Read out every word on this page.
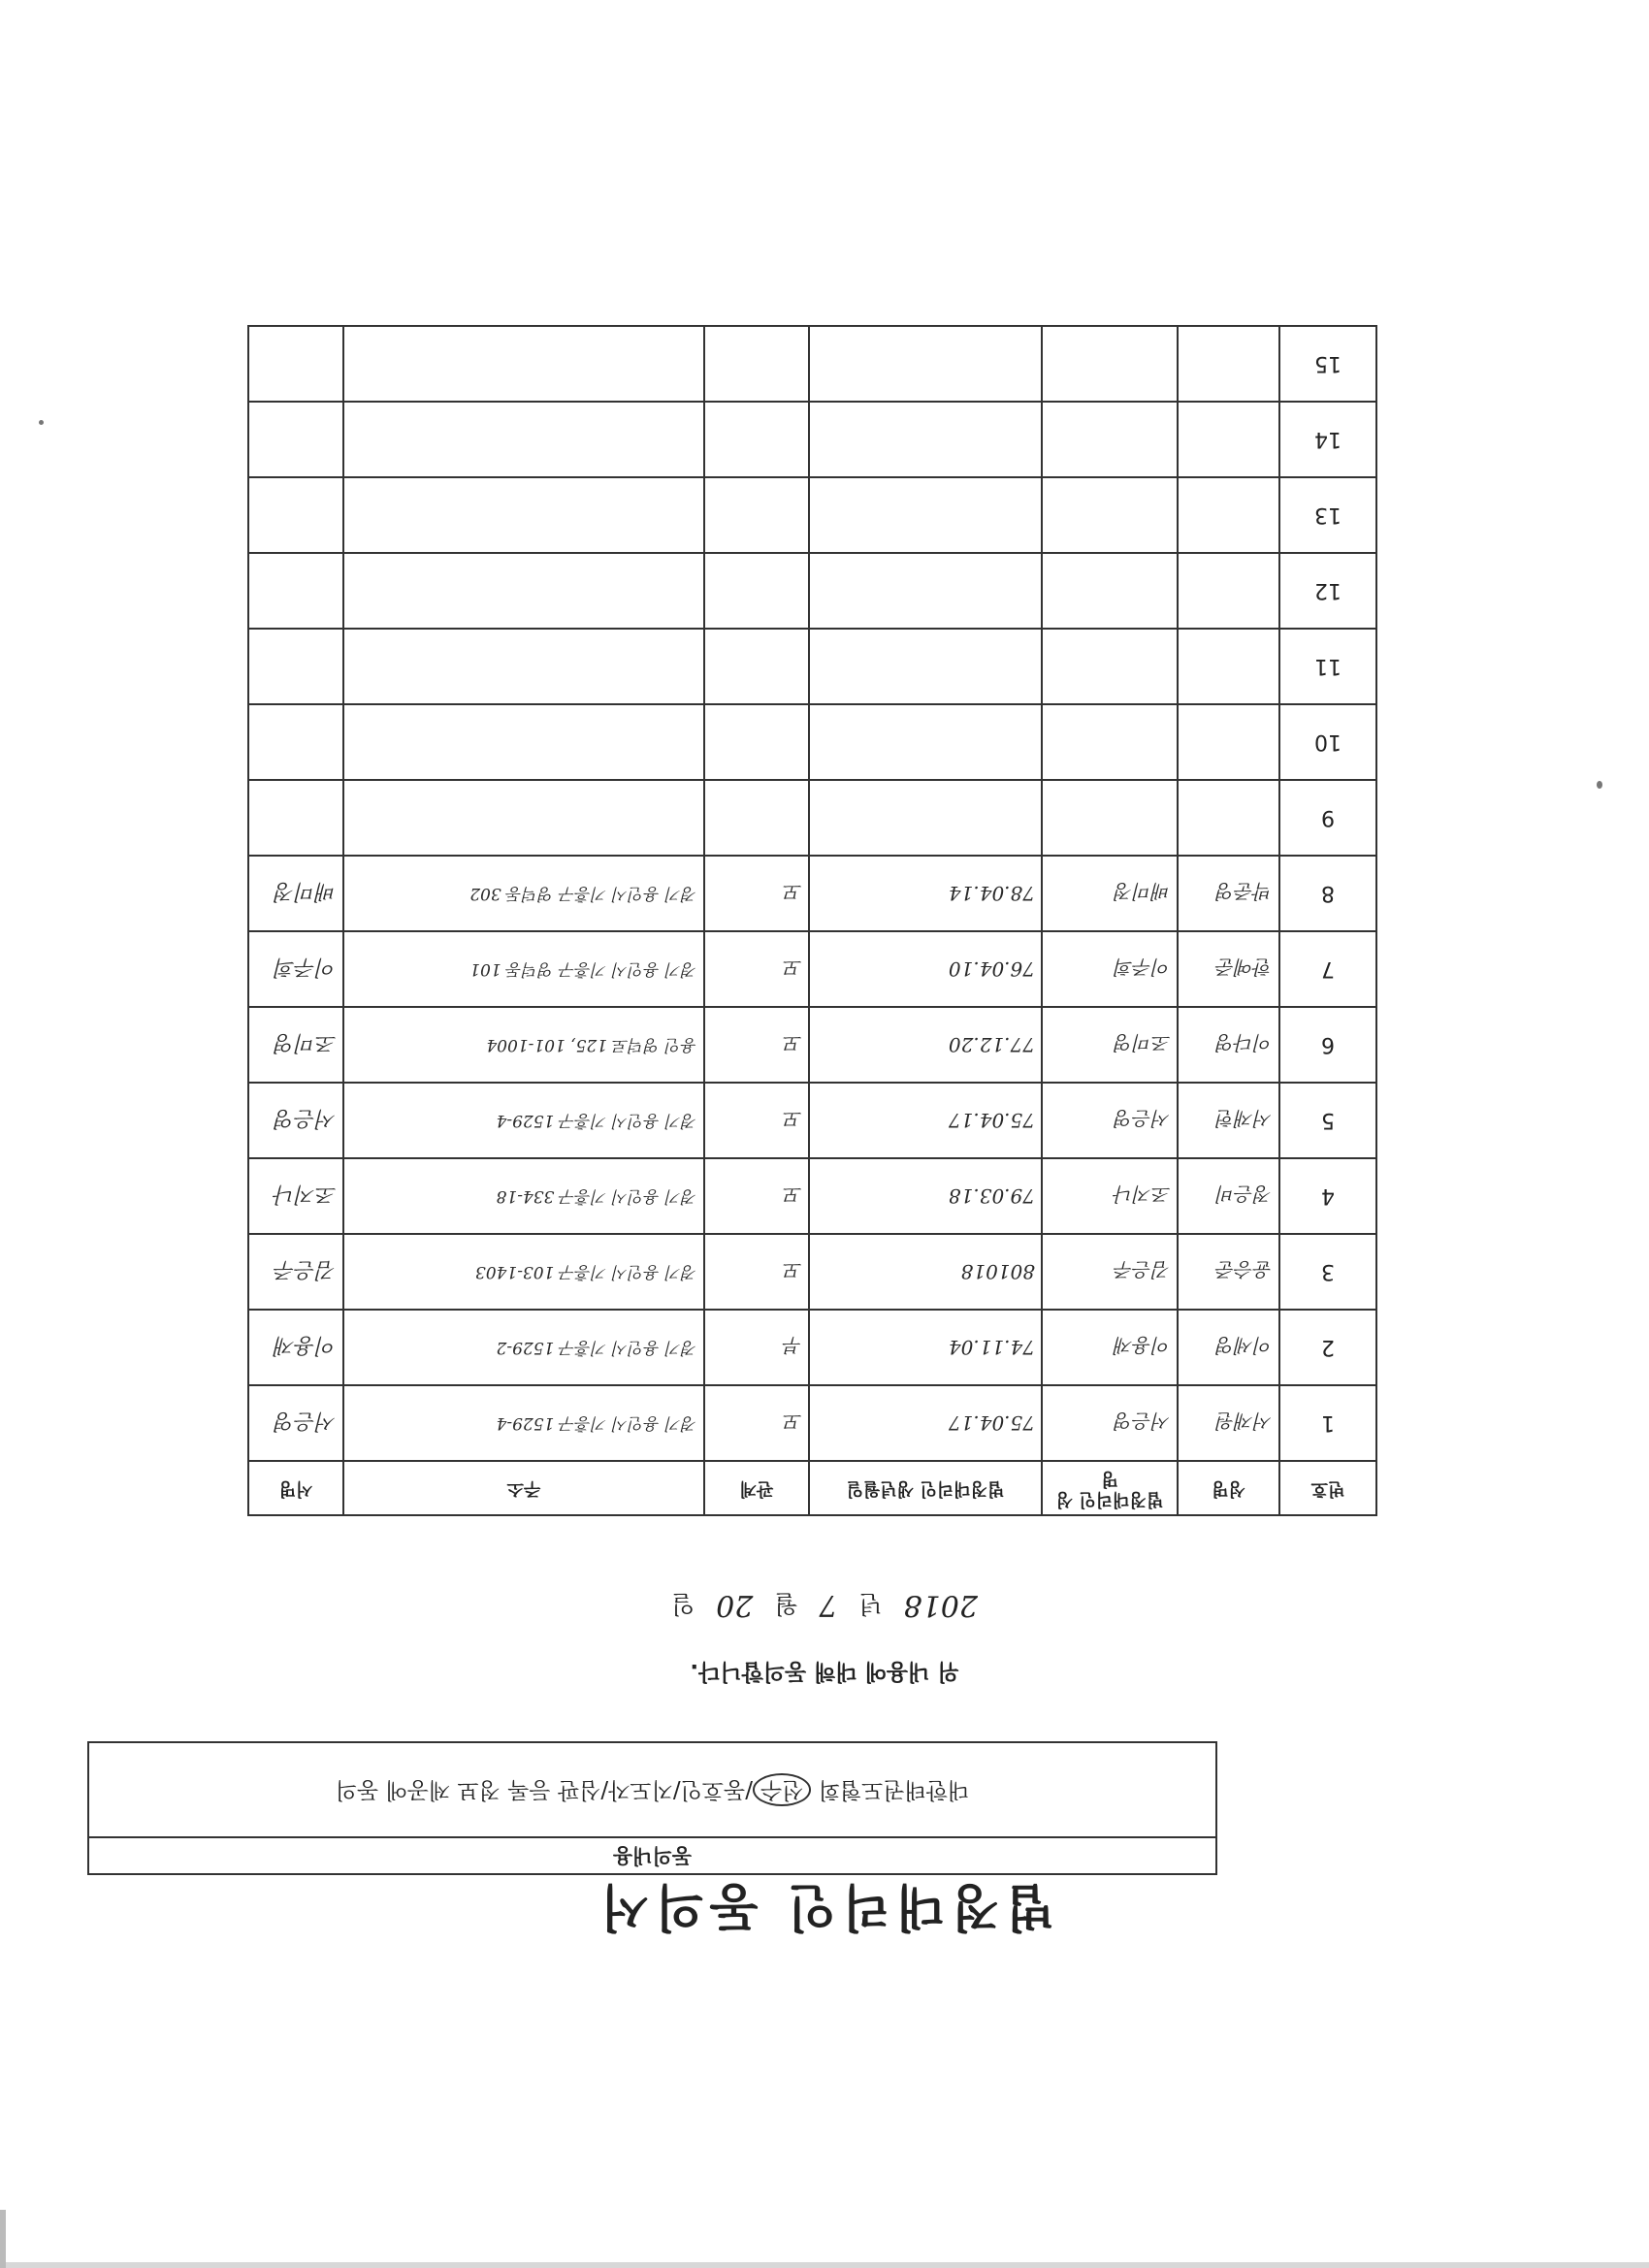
법정대리인 동의서
동의내용
대한태권도협회 선수/동호인/지도자/심판 등록 정보 제공에 동의
위 내용에 대해 동의합니다.
2018 년 7 월 20 일
번호	성명	법정대리인 성명	법정대리인 생년월일	관계	주소	서명
1	서재원	서은영	75.04.17	모	경기 용인시 기흥구 1529-4	서은영
2	이세영	이용재	74.11.04	부	경기 용인시 기흥구 1529-2	이용재
3	윤승준	김은주	801018	모	경기 용인시 기흥구 103-1403	김은주
4	정은비	조지나	79.03.18	모	경기 용인시 기흥구 334-18	조지나
5	서재헌	서은영	75.04.17	모	경기 용인시 기흥구 1529-4	서은영
6	이다영	조미영	77.12.20	모	용인 영덕로 125, 101-1004	조미영
7	한예준	이주희	76.04.10	모	경기 용인시 기흥구 영덕동 101	이주희
8	박준영	배미정	78.04.14	모	경기 용인시 기흥구 영덕동 302	배미정
9						
10						
11						
12						
13						
14						
15						
